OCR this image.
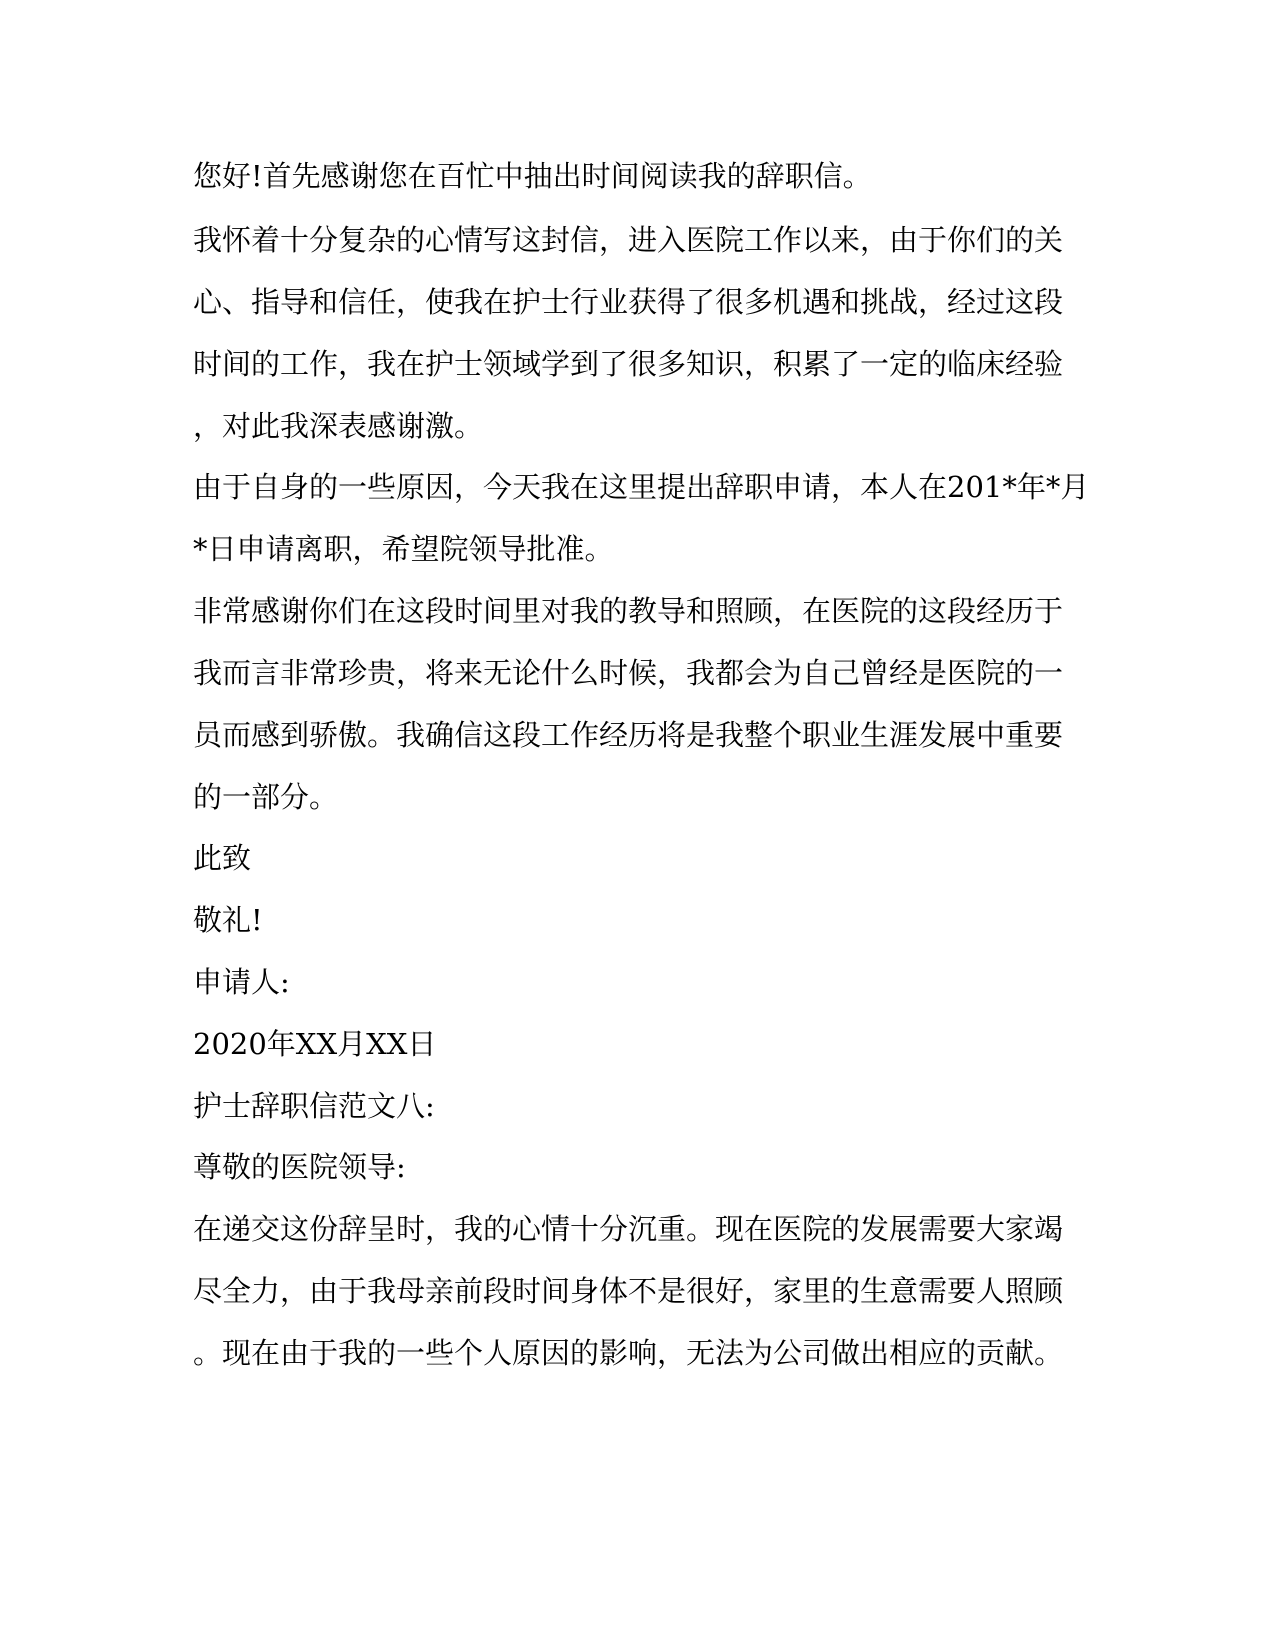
您好!首先感谢您在百忙中抽出时间阅读我的辞职信。
我怀着十分复杂的心情写这封信，进入医院工作以来，由于你们的关
心、指导和信任，使我在护士行业获得了很多机遇和挑战，经过这段
时间的工作，我在护士领域学到了很多知识，积累了一定的临床经验
，对此我深表感谢激。
由于自身的一些原因，今天我在这里提出辞职申请，本人在201*年*月
*日申请离职，希望院领导批准。
非常感谢你们在这段时间里对我的教导和照顾，在医院的这段经历于
我而言非常珍贵，将来无论什么时候，我都会为自己曾经是医院的一
员而感到骄傲。我确信这段工作经历将是我整个职业生涯发展中重要
的一部分。
此致
敬礼!
申请人:
2020年XX月XX日
护士辞职信范文八:
尊敬的医院领导:
在递交这份辞呈时，我的心情十分沉重。现在医院的发展需要大家竭
尽全力，由于我母亲前段时间身体不是很好，家里的生意需要人照顾
。现在由于我的一些个人原因的影响，无法为公司做出相应的贡献。
